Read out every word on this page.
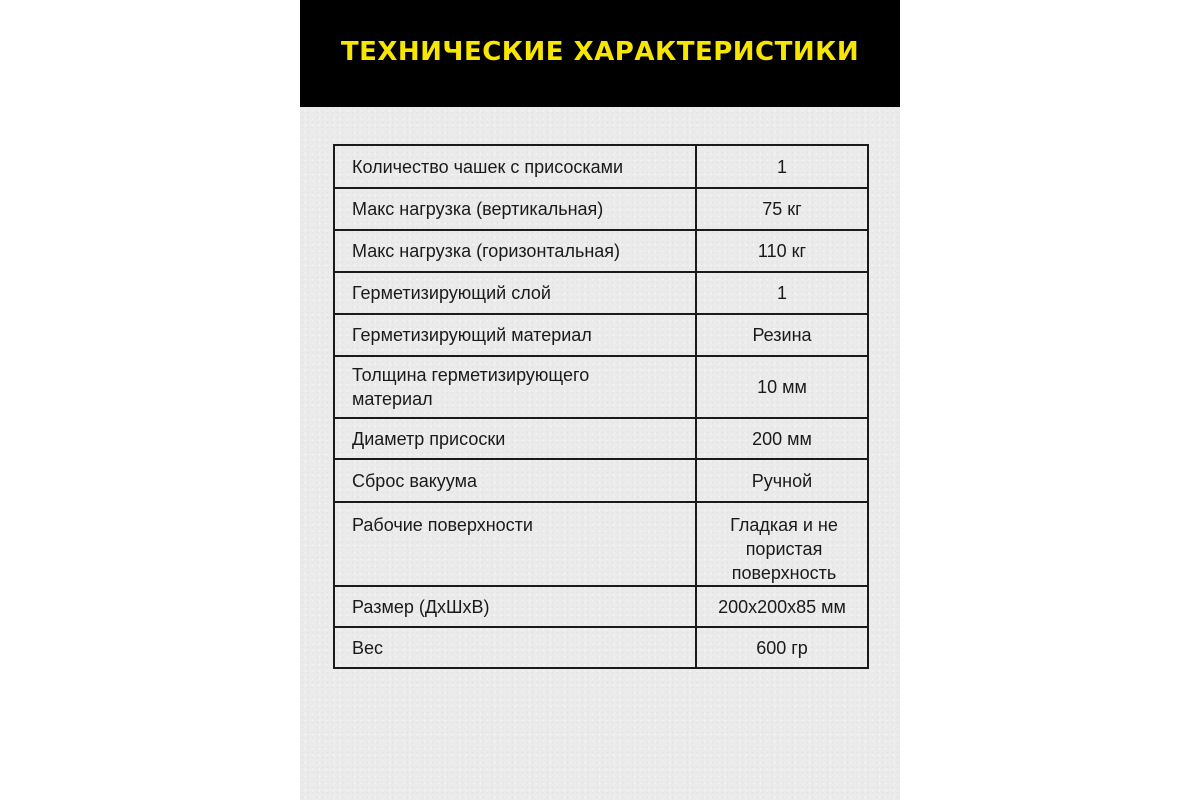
ТЕХНИЧЕСКИЕ ХАРАКТЕРИСТИКИ
Количество чашек с присосками	1
Макс нагрузка (вертикальная)	75 кг
Макс нагрузка (горизонтальная)	110 кг
Герметизирующий слой	1
Герметизирующий материал	Резина
Толщина герметизирующего материал	10 мм
Диаметр присоски	200 мм
Сброс вакуума	Ручной
Рабочие поверхности	Гладкая и не пористая поверхность
Размер (ДхШхВ)	200x200x85 мм
Вес	600 гр
